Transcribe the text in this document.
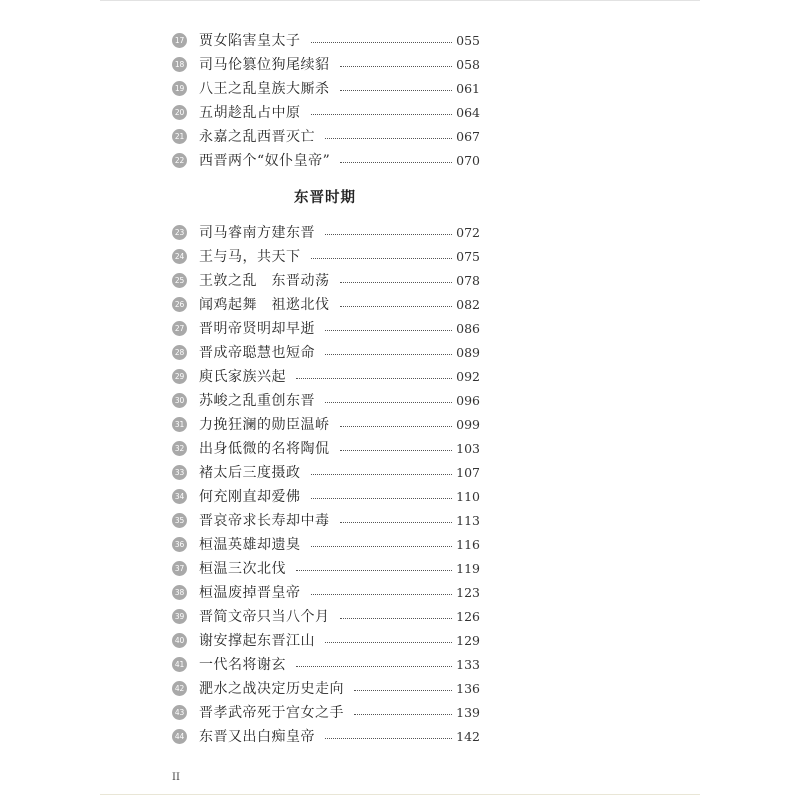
17 贾女陷害皇太子	055
18 司马伦篡位狗尾续貂	058
19 八王之乱皇族大厮杀	061
20 五胡趁乱占中原	064
21 永嘉之乱西晋灭亡	067
22 西晋两个“奴仆皇帝”	070
东晋时期
23 司马睿南方建东晋	072
24 王与马，共天下	075
25 王敦之乱　东晋动荡	078
26 闻鸡起舞　祖逖北伐	082
27 晋明帝贤明却早逝	086
28 晋成帝聪慧也短命	089
29 庾氏家族兴起	092
30 苏峻之乱重创东晋	096
31 力挽狂澜的勋臣温峤	099
32 出身低微的名将陶侃	103
33 褚太后三度摄政	107
34 何充刚直却爱佛	110
35 晋哀帝求长寿却中毒	113
36 桓温英雄却遗臭	116
37 桓温三次北伐	119
38 桓温废掉晋皇帝	123
39 晋简文帝只当八个月	126
40 谢安撑起东晋江山	129
41 一代名将谢玄	133
42 淝水之战决定历史走向	136
43 晋孝武帝死于宫女之手	139
44 东晋又出白痴皇帝	142
II
